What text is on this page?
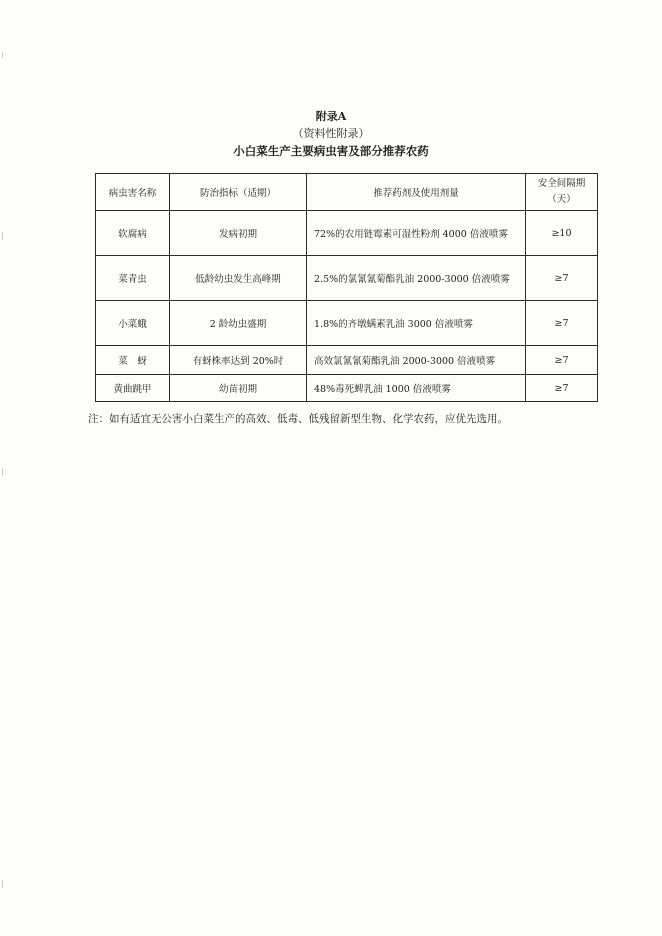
附录A
（资料性附录）
小白菜生产主要病虫害及部分推荐农药
病虫害名称	防治指标（适期）	推荐药剂及使用剂量	安全间隔期
（天）

软腐病	发病初期	72%的农用链霉素可湿性粉剂 4000 倍液喷雾	≥10
菜青虫	低龄幼虫发生高峰期	2.5%的氯氰氰菊酯乳油 2000-3000 倍液喷雾	≥7
小菜蛾	2 龄幼虫盛期	1.8%的齐墩螨素乳油 3000 倍液喷雾	≥7
菜　蚜	有蚜株率达到 20%时	高效氯氰氰菊酯乳油 2000-3000 倍液喷雾	≥7
黄曲跳甲	幼苗初期	48%毒死蜱乳油 1000 倍液喷雾	≥7
注：如有适宜无公害小白菜生产的高效、低毒、低残留新型生物、化学农药，应优先选用。
